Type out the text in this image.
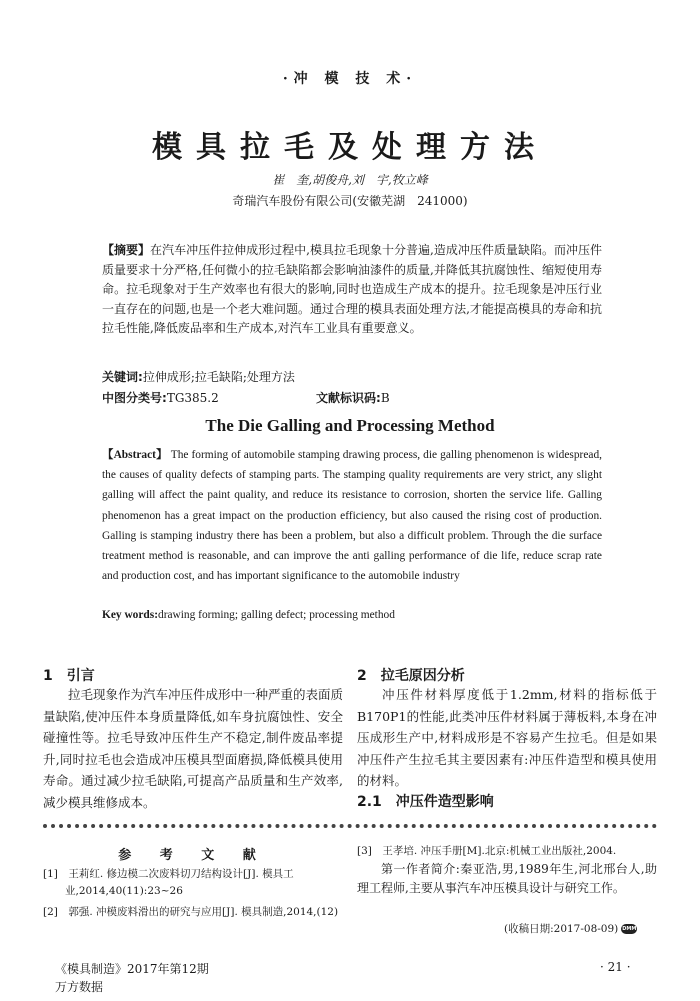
·冲 模 技 术·
模具拉毛及处理方法
崔　奎,胡俊舟,刘　宇,牧立峰
奇瑞汽车股份有限公司(安徽芜湖　241000)
【摘要】在汽车冲压件拉伸成形过程中,模具拉毛现象十分普遍,造成冲压件质量缺陷。而冲压件质量要求十分严格,任何微小的拉毛缺陷都会影响油漆件的质量,并降低其抗腐蚀性、缩短使用寿命。拉毛现象对于生产效率也有很大的影响,同时也造成生产成本的提升。拉毛现象是冲压行业一直存在的问题,也是一个老大难问题。通过合理的模具表面处理方法,才能提高模具的寿命和抗拉毛性能,降低废品率和生产成本,对汽车工业具有重要意义。
关键词:拉伸成形;拉毛缺陷;处理方法
中图分类号:TG385.2	文献标识码:B
The Die Galling and Processing Method
【Abstract】 The forming of automobile stamping drawing process, die galling phenomenon is widespread, the causes of quality defects of stamping parts. The stamping quality requirements are very strict, any slight galling will affect the paint quality, and reduce its resistance to corrosion, shorten the service life. Galling phenomenon has a great impact on the production efficiency, but also caused the rising cost of production. Galling is stamping industry there has been a problem, but also a difficult problem. Through the die surface treatment method is reasonable, and can improve the anti galling performance of die life, reduce scrap rate and production cost, and has important significance to the automobile industry
Key words:drawing forming; galling defect; processing method
1　引言
拉毛现象作为汽车冲压件成形中一种严重的表面质量缺陷,使冲压件本身质量降低,如车身抗腐蚀性、安全碰撞性等。拉毛导致冲压件生产不稳定,制件废品率提升,同时拉毛也会造成冲压模具型面磨损,降低模具使用寿命。通过减少拉毛缺陷,可提高产品质量和生产效率,减少模具维修成本。
2　拉毛原因分析
冲压件材料厚度低于1.2mm,材料的指标低于B170P1的性能,此类冲压件材料属于薄板料,本身在冲压成形生产中,材料成形是不容易产生拉毛。但是如果冲压件产生拉毛其主要因素有:冲压件造型和模具使用的材料。
2.1　冲压件造型影响
参 考 文 献
[1]　王莉红. 修边模二次废料切刀结构设计[J]. 模具工业,2014,40(11):23~26
[2]　郭强. 冲模废料滑出的研究与应用[J]. 模具制造,2014,(12)
[3]　王孝培. 冲压手册[M].北京:机械工业出版社,2004.
第一作者简介:秦亚浩,男,1989年生,河北邢台人,助理工程师,主要从事汽车冲压模具设计与研究工作。
(收稿日期:2017-08-09) DMM
《模具制造》2017年第12期	· 21 ·
万方数据
